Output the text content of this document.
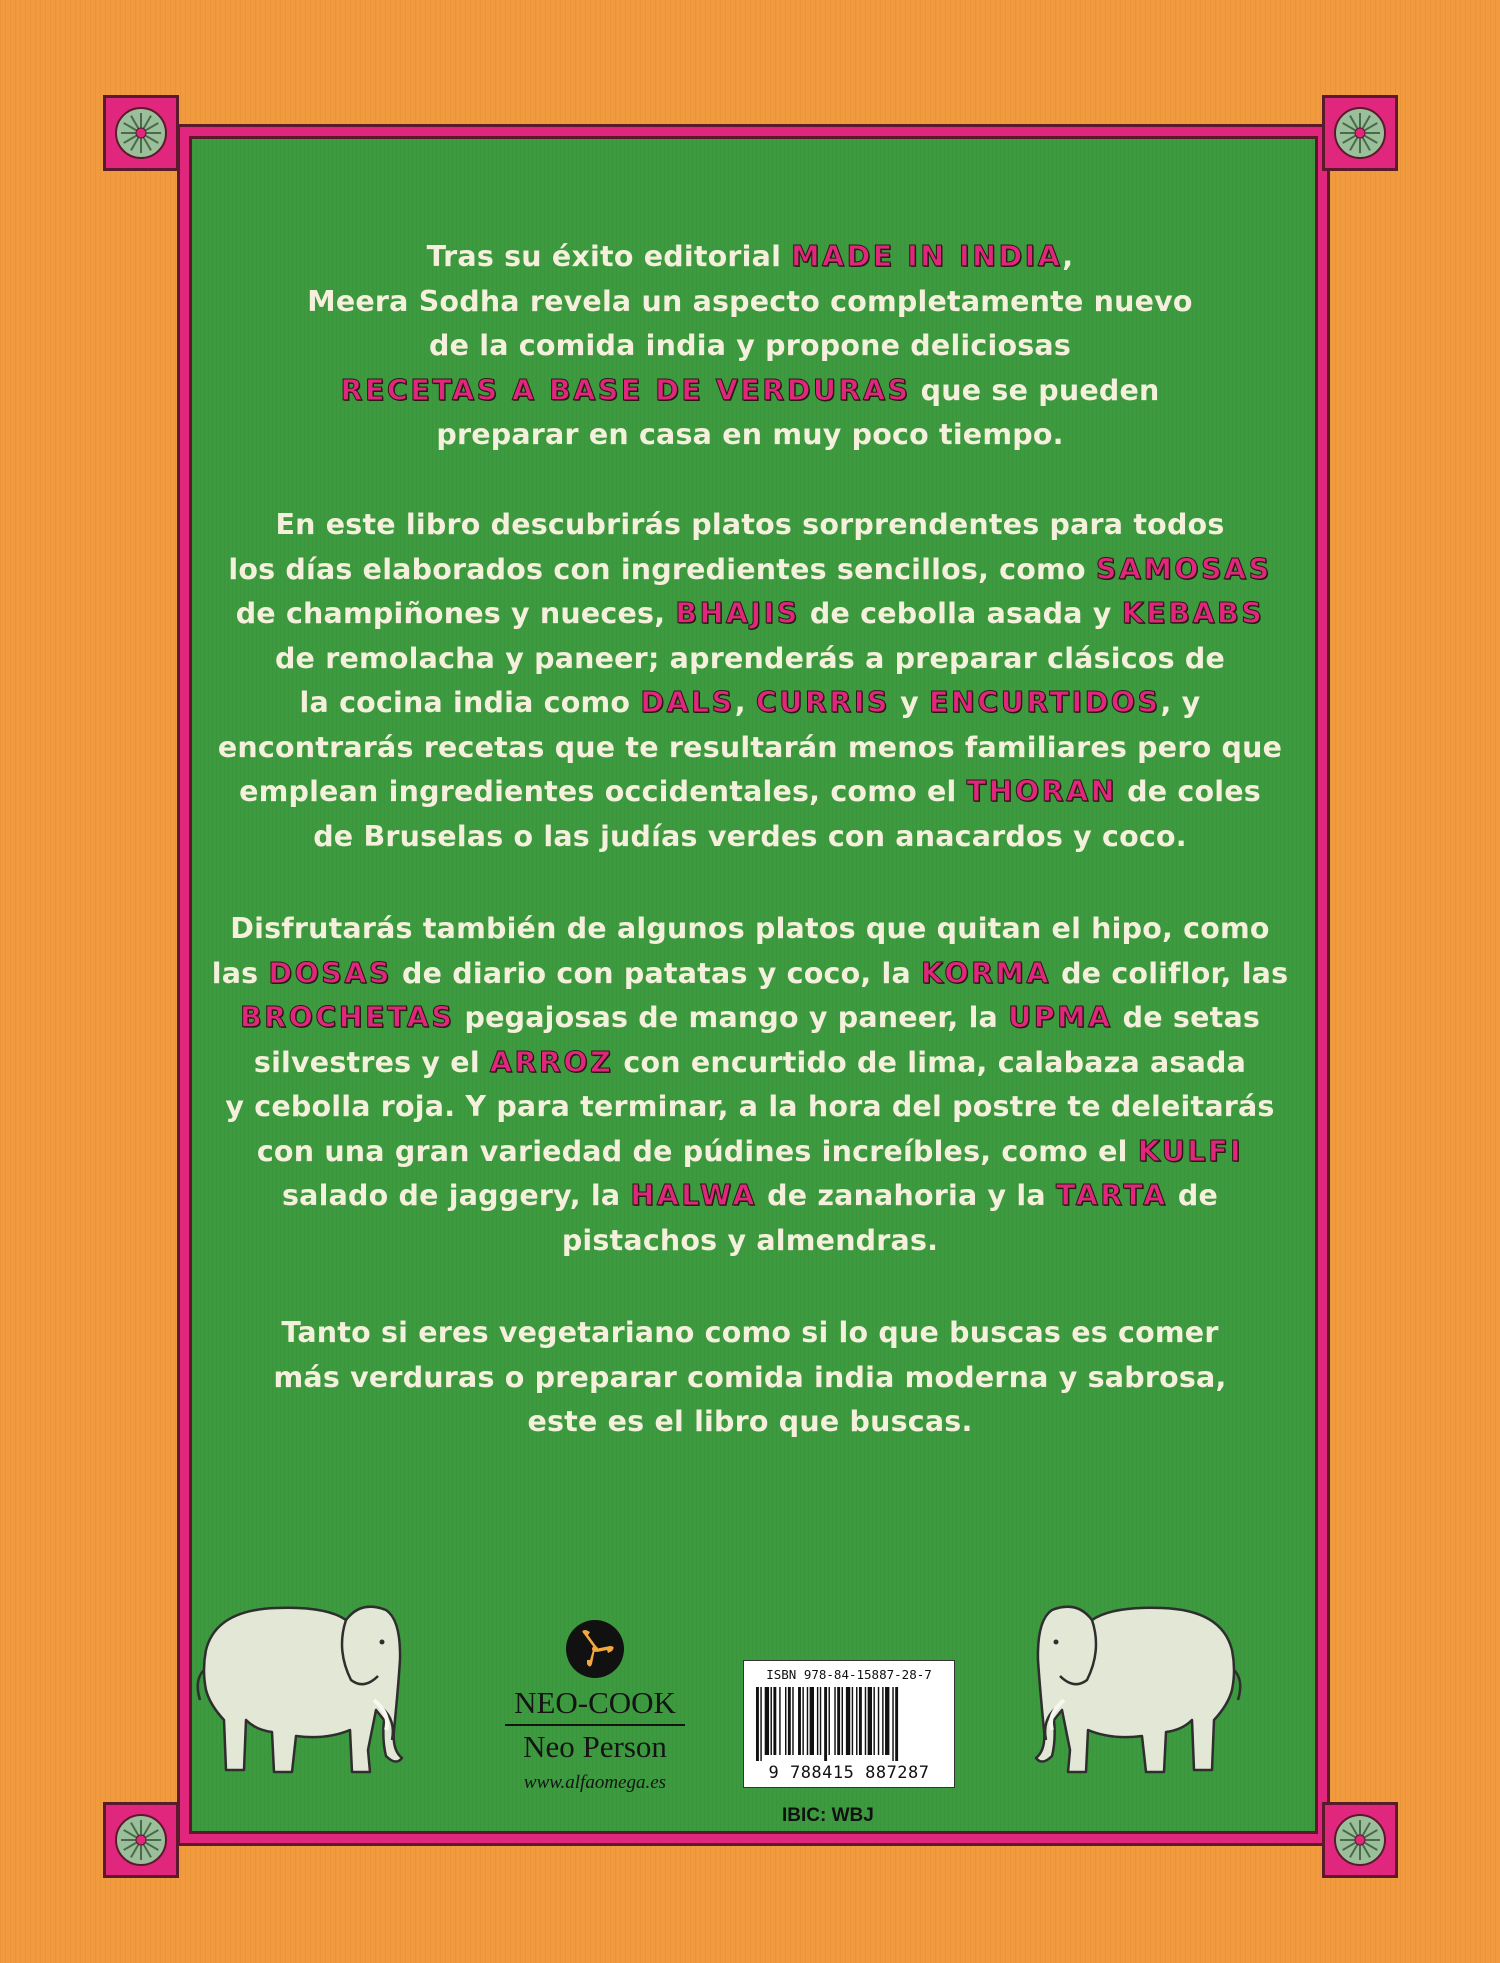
Tras su éxito editorial MADE IN INDIA,
Meera Sodha revela un aspecto completamente nuevo
de la comida india y propone deliciosas
RECETAS A BASE DE VERDURAS que se pueden
preparar en casa en muy poco tiempo.
En este libro descubrirás platos sorprendentes para todos
los días elaborados con ingredientes sencillos, como SAMOSAS
de champiñones y nueces, BHAJIS de cebolla asada y KEBABS
de remolacha y paneer; aprenderás a preparar clásicos de
la cocina india como DALS, CURRIS y ENCURTIDOS, y
encontrarás recetas que te resultarán menos familiares pero que
emplean ingredientes occidentales, como el THORAN de coles
de Bruselas o las judías verdes con anacardos y coco.
Disfrutarás también de algunos platos que quitan el hipo, como
las DOSAS de diario con patatas y coco, la KORMA de coliflor, las
BROCHETAS pegajosas de mango y paneer, la UPMA de setas
silvestres y el ARROZ con encurtido de lima, calabaza asada
y cebolla roja. Y para terminar, a la hora del postre te deleitarás
con una gran variedad de púdines increíbles, como el KULFI
salado de jaggery, la HALWA de zanahoria y la TARTA de
pistachos y almendras.
Tanto si eres vegetariano como si lo que buscas es comer
más verduras o preparar comida india moderna y sabrosa,
este es el libro que buscas.
NEO-COOK
Neo Person
www.alfaomega.es
ISBN 978-84-15887-28-7
9 788415 887287
IBIC: WBJ
